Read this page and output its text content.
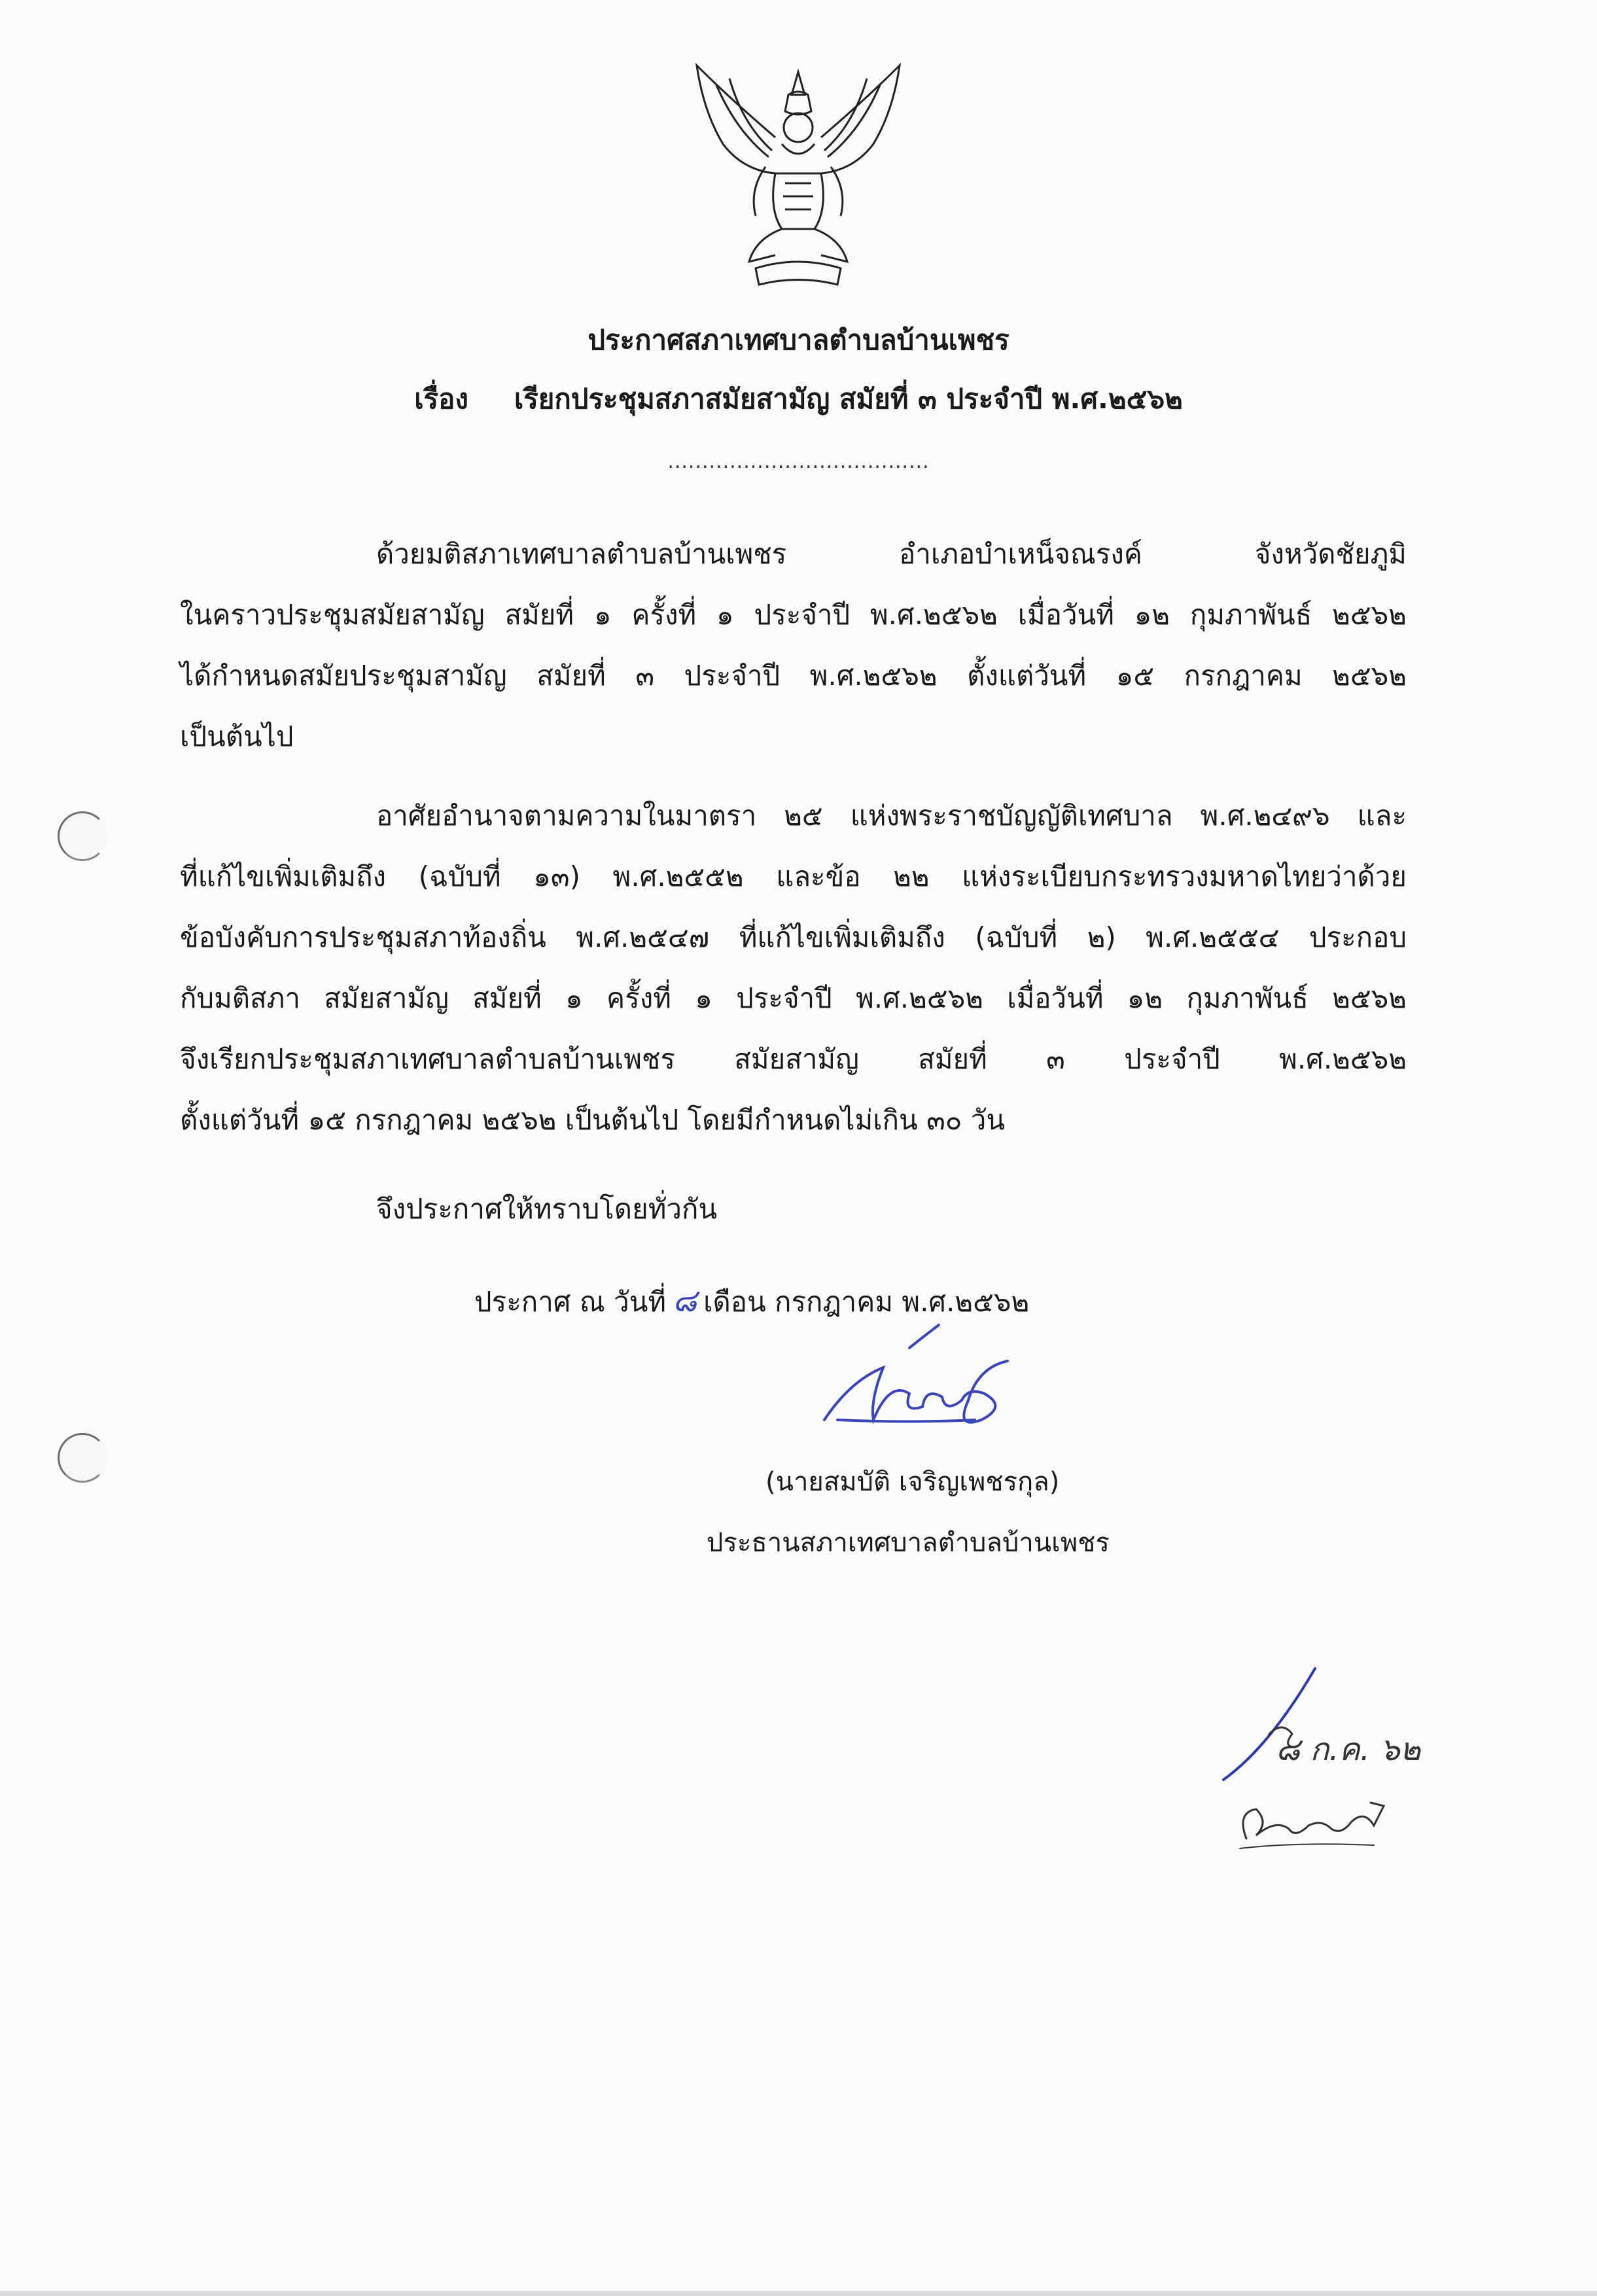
ประกาศสภาเทศบาลตำบลบ้านเพชร
เรื่อง เรียกประชุมสภาสมัยสามัญ สมัยที่ ๓ ประจำปี พ.ศ.๒๕๖๒
......................................
ด้วยมติสภาเทศบาลตำบลบ้านเพชร อำเภอบำเหน็จณรงค์ จังหวัดชัยภูมิ
ในคราวประชุมสมัยสามัญ สมัยที่ ๑ ครั้งที่ ๑ ประจำปี พ.ศ.๒๕๖๒ เมื่อวันที่ ๑๒ กุมภาพันธ์ ๒๕๖๒
ได้กำหนดสมัยประชุมสามัญ สมัยที่ ๓ ประจำปี พ.ศ.๒๕๖๒ ตั้งแต่วันที่ ๑๕ กรกฎาคม ๒๕๖๒
เป็นต้นไป
อาศัยอำนาจตามความในมาตรา ๒๕ แห่งพระราชบัญญัติเทศบาล พ.ศ.๒๔๙๖ และ
ที่แก้ไขเพิ่มเติมถึง (ฉบับที่ ๑๓) พ.ศ.๒๕๕๒ และข้อ ๒๒ แห่งระเบียบกระทรวงมหาดไทยว่าด้วย
ข้อบังคับการประชุมสภาท้องถิ่น พ.ศ.๒๕๔๗ ที่แก้ไขเพิ่มเติมถึง (ฉบับที่ ๒) พ.ศ.๒๕๕๔ ประกอบ
กับมติสภา สมัยสามัญ สมัยที่ ๑ ครั้งที่ ๑ ประจำปี พ.ศ.๒๕๖๒ เมื่อวันที่ ๑๒ กุมภาพันธ์ ๒๕๖๒
จึงเรียกประชุมสภาเทศบาลตำบลบ้านเพชร สมัยสามัญ สมัยที่ ๓ ประจำปี พ.ศ.๒๕๖๒
ตั้งแต่วันที่ ๑๕ กรกฎาคม ๒๕๖๒ เป็นต้นไป โดยมีกำหนดไม่เกิน ๓๐ วัน
จึงประกาศให้ทราบโดยทั่วกัน
ประกาศ ณ วันที่ ๘ เดือน กรกฎาคม พ.ศ.๒๕๖๒
(นายสมบัติ เจริญเพชรกุล)
ประธานสภาเทศบาลตำบลบ้านเพชร
๘ ก.ค. ๖๒
